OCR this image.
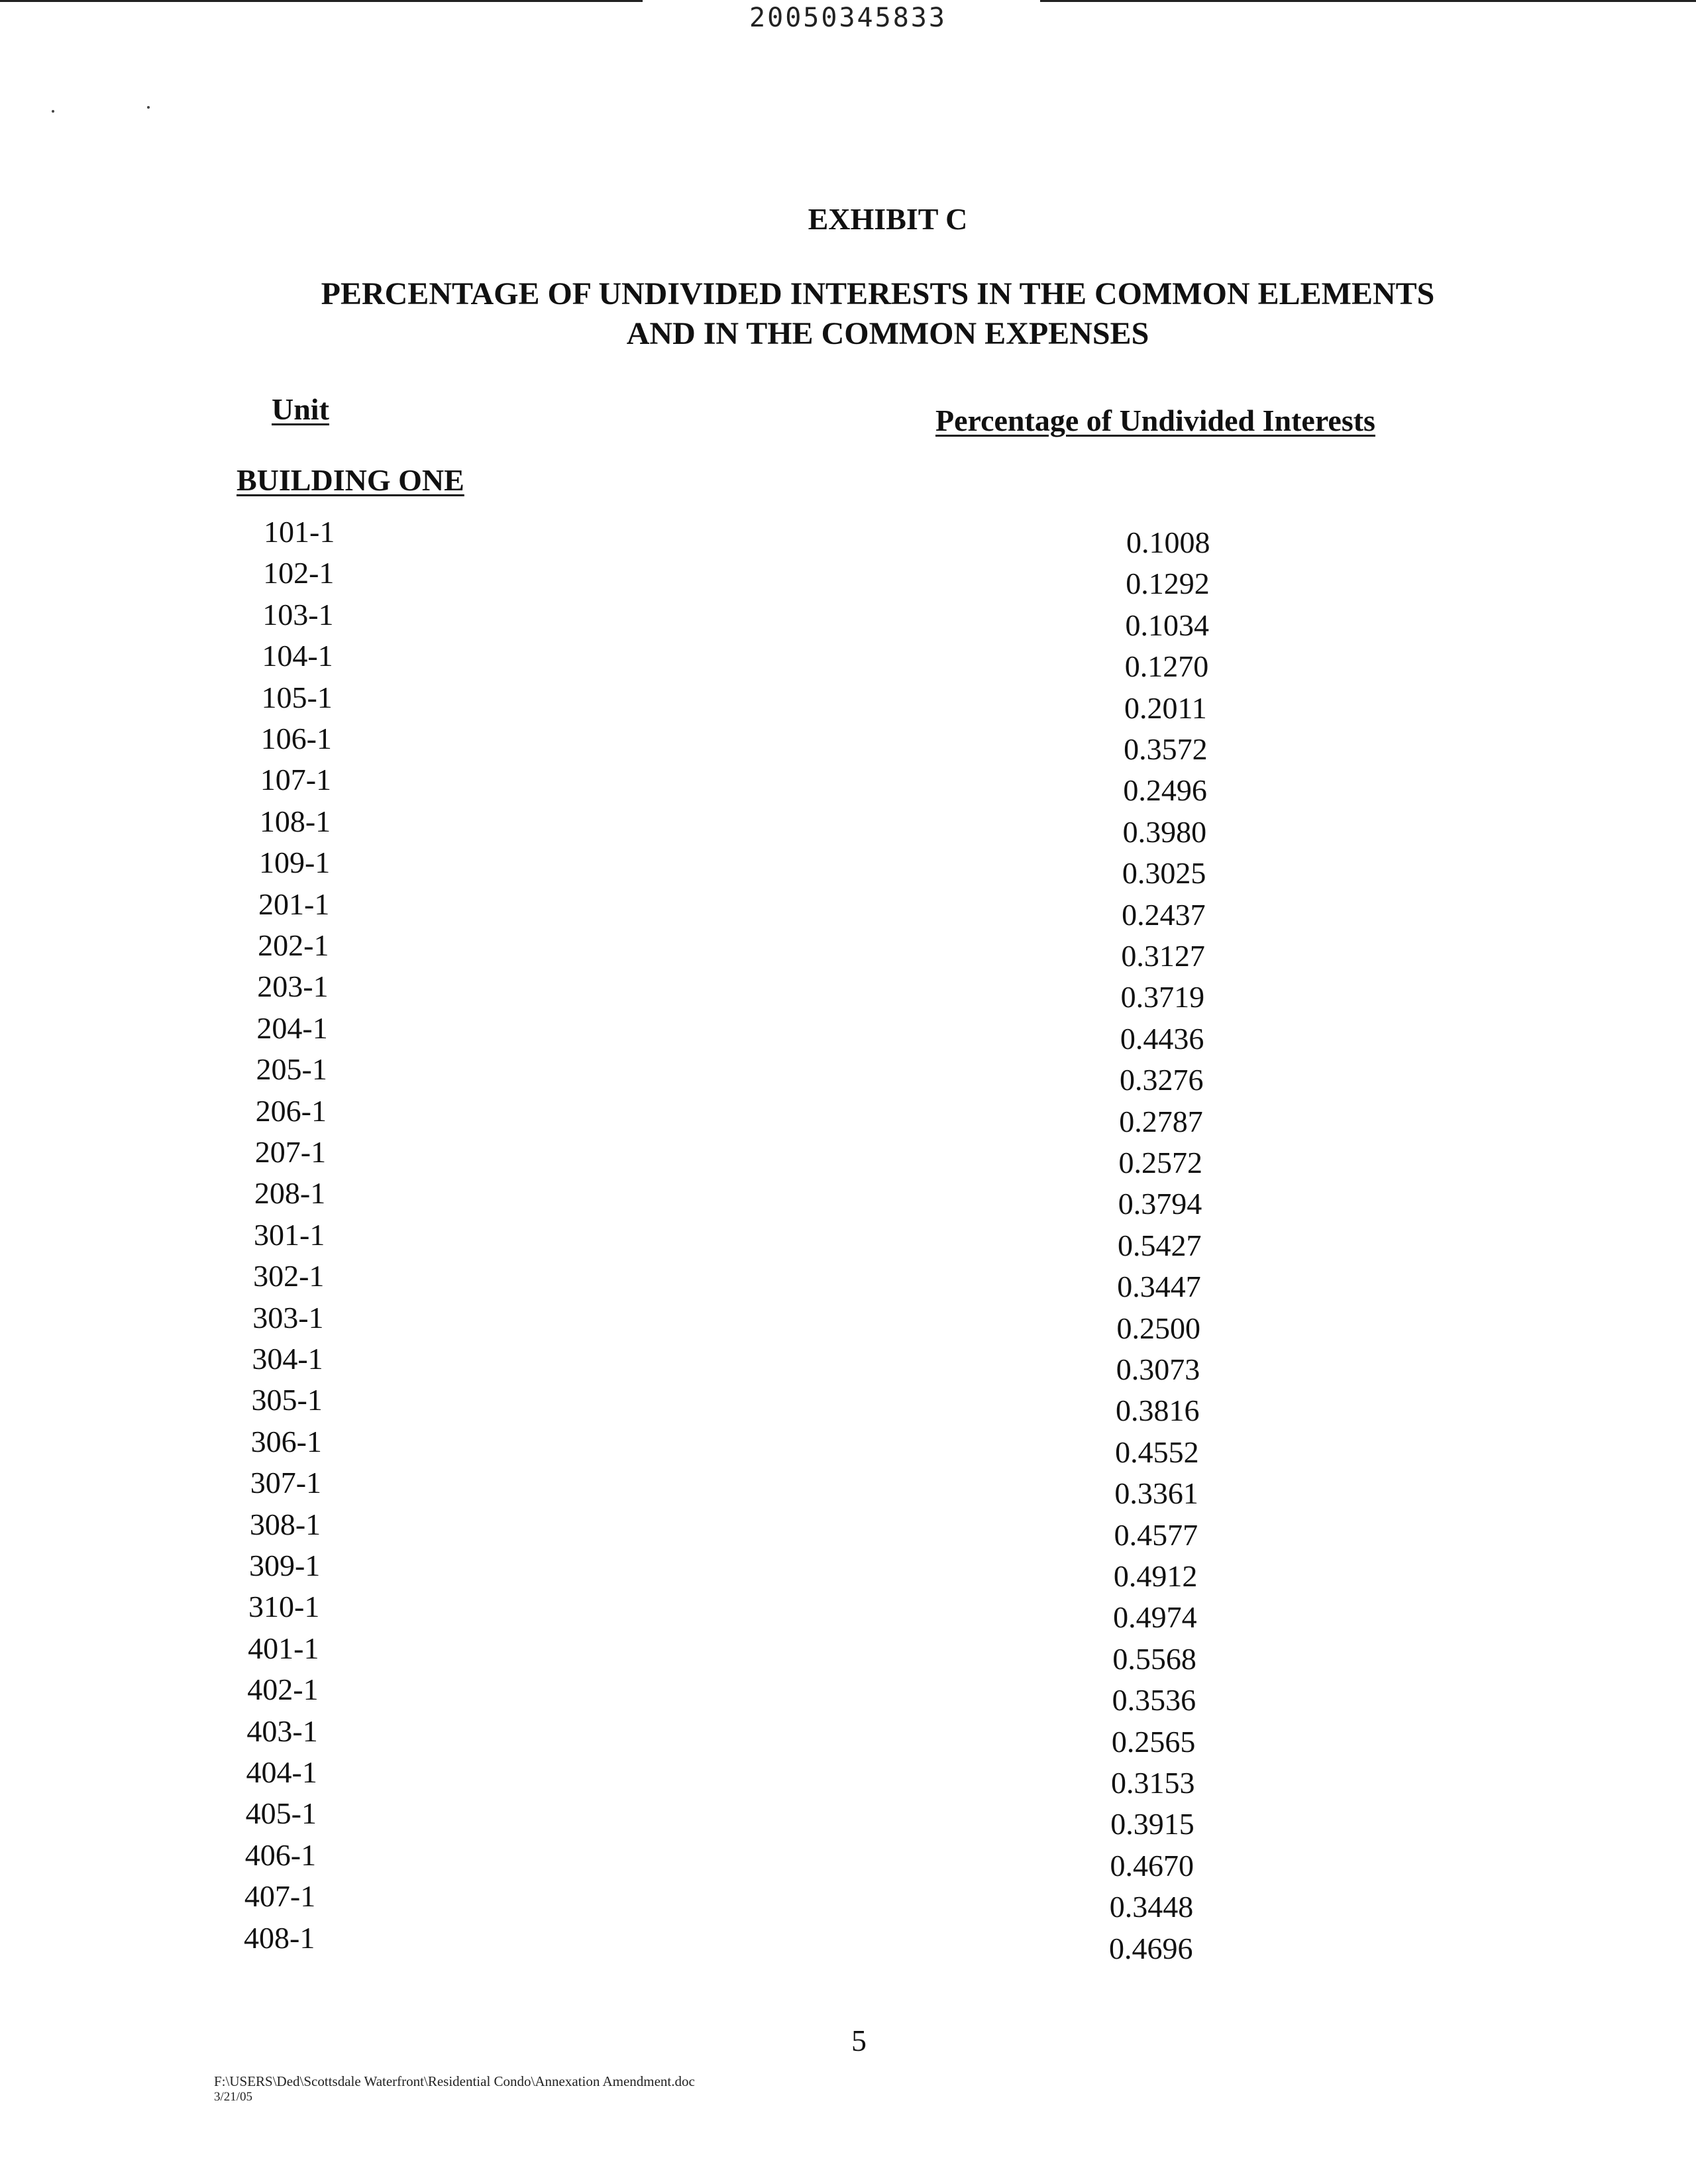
20050345833
EXHIBIT C
PERCENTAGE OF UNDIVIDED INTERESTS IN THE COMMON ELEMENTS
AND IN THE COMMON EXPENSES
Unit	Percentage of Undivided Interests
BUILDING ONE
101-1	0.1008
102-1	0.1292
103-1	0.1034
104-1	0.1270
105-1	0.2011
106-1	0.3572
107-1	0.2496
108-1	0.3980
109-1	0.3025
201-1	0.2437
202-1	0.3127
203-1	0.3719
204-1	0.4436
205-1	0.3276
206-1	0.2787
207-1	0.2572
208-1	0.3794
301-1	0.5427
302-1	0.3447
303-1	0.2500
304-1	0.3073
305-1	0.3816
306-1	0.4552
307-1	0.3361
308-1	0.4577
309-1	0.4912
310-1	0.4974
401-1	0.5568
402-1	0.3536
403-1	0.2565
404-1	0.3153
405-1	0.3915
406-1	0.4670
407-1	0.3448
408-1	0.4696
5
F:\USERS\Ded\Scottsdale Waterfront\Residential Condo\Annexation Amendment.doc
3/21/05
